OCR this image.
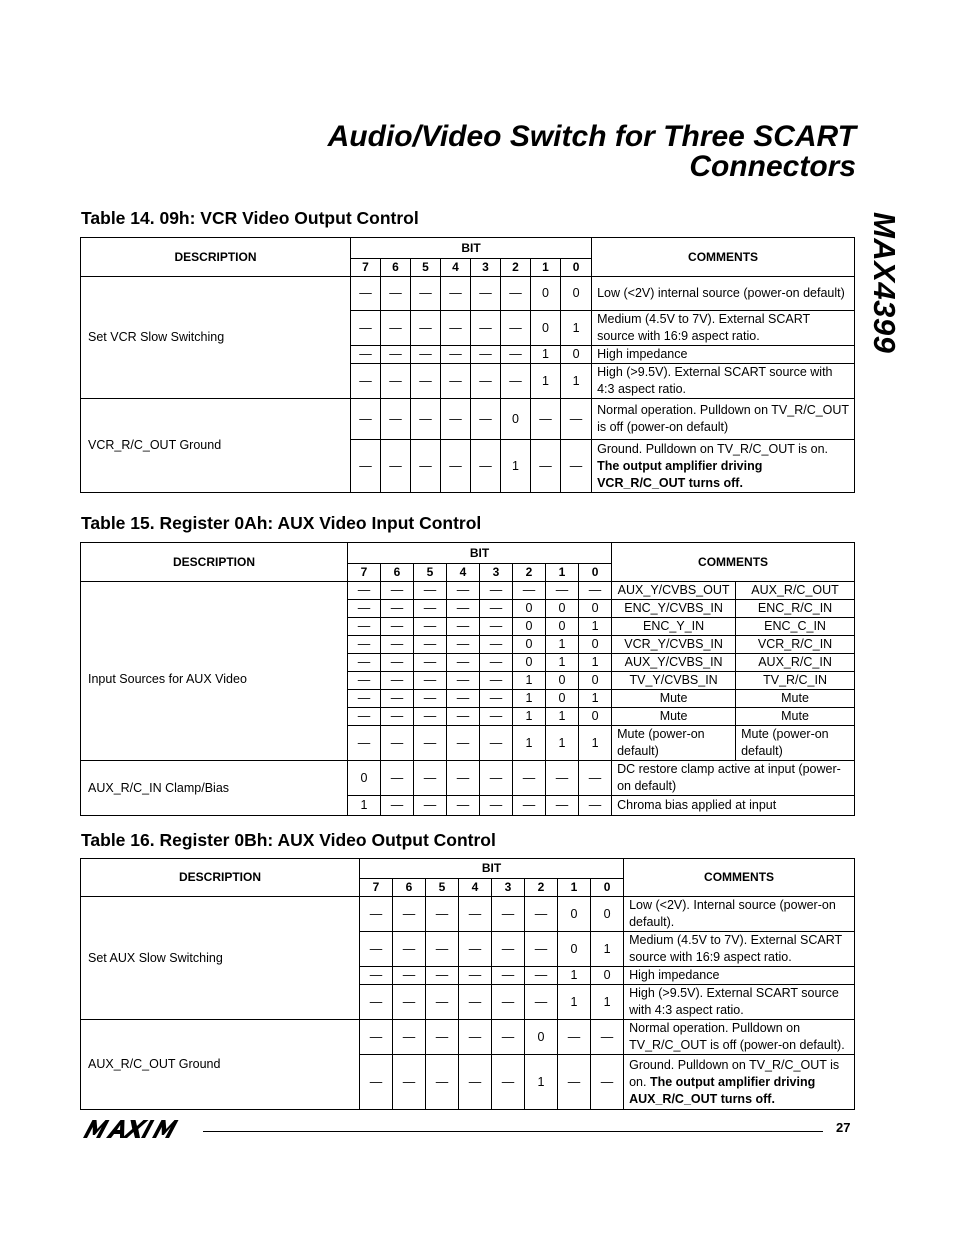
Audio/Video Switch for Three SCART
Connectors
MAX4399
Table 14. 09h: VCR Video Output Control
DESCRIPTION	BIT								COMMENTS
	7	6	5	4	3	2	1	0	
Set VCR Slow Switching	—	—	—	—	—	—	0	0	Low (<2V) internal source (power-on default)
	—	—	—	—	—	—	0	1	Medium (4.5V to 7V). External SCART source with 16:9 aspect ratio.
	—	—	—	—	—	—	1	0	High impedance
	—	—	—	—	—	—	1	1	High (>9.5V). External SCART source with 4:3 aspect ratio.
VCR_R/C_OUT Ground	—	—	—	—	—	0	—	—	Normal operation. Pulldown on TV_R/C_OUT is off (power-on default)
	—	—	—	—	—	1	—	—	Ground. Pulldown on TV_R/C_OUT is on. The output amplifier driving VCR_R/C_OUT turns off.
Table 15. Register 0Ah: AUX Video Input Control
DESCRIPTION	BIT								COMMENTS	
	7	6	5	4	3	2	1	0		
	—	—	—	—	—	—	—	—	AUX_Y/CVBS_OUT	AUX_R/C_OUT
Input Sources for AUX Video	—	—	—	—	—	0	0	0	ENC_Y/CVBS_IN	ENC_R/C_IN
	—	—	—	—	—	0	0	1	ENC_Y_IN	ENC_C_IN
	—	—	—	—	—	0	1	0	VCR_Y/CVBS_IN	VCR_R/C_IN
	—	—	—	—	—	0	1	1	AUX_Y/CVBS_IN	AUX_R/C_IN
	—	—	—	—	—	1	0	0	TV_Y/CVBS_IN	TV_R/C_IN
	—	—	—	—	—	1	0	1	Mute	Mute
	—	—	—	—	—	1	1	0	Mute	Mute
	—	—	—	—	—	1	1	1	Mute (power-on default)	Mute (power-on default)
AUX_R/C_IN Clamp/Bias	0	—	—	—	—	—	—	—	DC restore clamp active at input (power-on default)	
	1	—	—	—	—	—	—	—	Chroma bias applied at input	
Table 16. Register 0Bh: AUX Video Output Control
DESCRIPTION	BIT								COMMENTS
	7	6	5	4	3	2	1	0	
Set AUX Slow Switching	—	—	—	—	—	—	0	0	Low (<2V). Internal source (power-on default).
	—	—	—	—	—	—	0	1	Medium (4.5V to 7V). External SCART source with 16:9 aspect ratio.
	—	—	—	—	—	—	1	0	High impedance
	—	—	—	—	—	—	1	1	High (>9.5V). External SCART source with 4:3 aspect ratio.
AUX_R/C_OUT Ground	—	—	—	—	—	0	—	—	Normal operation. Pulldown on TV_R/C_OUT is off (power-on default).
	—	—	—	—	—	1	—	—	Ground. Pulldown on TV_R/C_OUT is on. The output amplifier driving AUX_R/C_OUT turns off.
27
